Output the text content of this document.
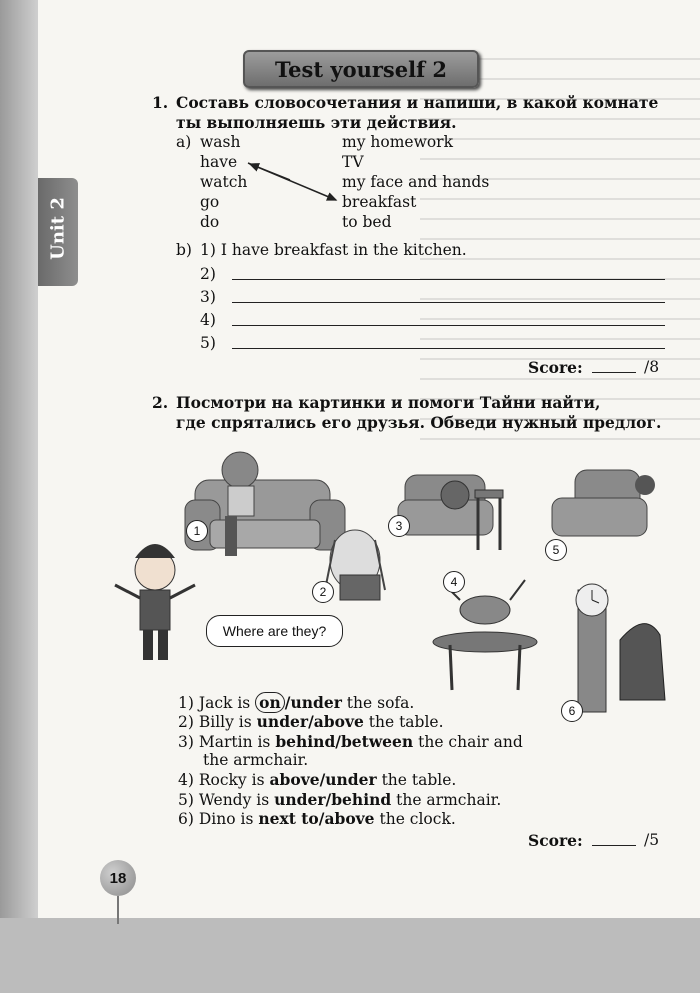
Test yourself 2
Unit 2
1. Составь словосочетания и напиши, в какой комнате
ты выполняешь эти действия.
a) wash
have
watch
go
do
my homework
TV
my face and hands
breakfast
to bed
b) 1) I have breakfast in the kitchen.
2)
3)
4)
5)
Score:	/8
2. Посмотри на картинки и помоги Тайни найти,
где спрятались его друзья. Обведи нужный предлог.
Where are they?
1
2
3
4
5
6
1) Jack is on /under the sofa.
2) Billy is under/above the table.
3) Martin is behind/between the chair and
the armchair.
4) Rocky is above/under the table.
5) Wendy is under/behind the armchair.
6) Dino is next to/above the clock.
Score:	/5
18
